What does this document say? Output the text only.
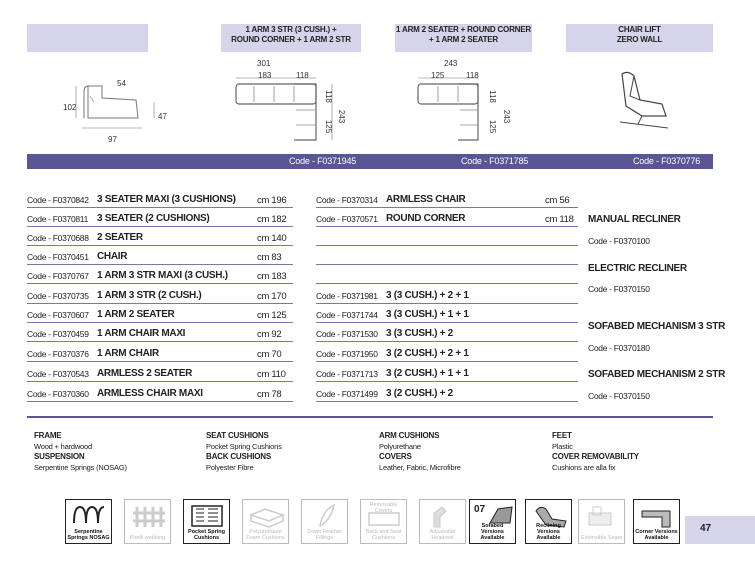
1 ARM 3 STR (3 CUSH.) +
ROUND CORNER + 1 ARM 2 STR
1 ARM 2 SEATER + ROUND CORNER
+ 1 ARM 2 SEATER
CHAIR LIFT
ZERO WALL
54
102
47
97
301
183	118
118
125
243
243
125	118
118
125
243
Code - F0371945	Code - F0371785	Code - F0370776
Code - F0370842 3 SEATER MAXI (3 CUSHIONS) cm 196
Code - F0370811 3 SEATER (2 CUSHIONS)	cm 182
Code - F0370688 2 SEATER	cm 140
Code - F0370451 CHAIR	cm 83
Code - F0370767 1 ARM 3 STR MAXI (3 CUSH.)	cm 183
Code - F0370735 1 ARM 3 STR (2 CUSH.)	cm 170
Code - F0370607 1 ARM 2 SEATER	cm 125
Code - F0370459 1 ARM CHAIR MAXI	cm 92
Code - F0370376 1 ARM CHAIR	cm 70
Code - F0370543 ARMLESS 2 SEATER	cm 110
Code - F0370360 ARMLESS CHAIR MAXI	cm 78
Code - F0370314 ARMLESS CHAIR	cm 56
Code - F0370571 ROUND CORNER	cm 118
Code - F0371981 3 (3 CUSH.) + 2 + 1
Code - F0371744 3 (3 CUSH.) + 1 + 1
Code - F0371530 3 (3 CUSH.) + 2
Code - F0371950 3 (2 CUSH.) + 2 + 1
Code - F0371713 3 (2 CUSH.) + 1 + 1
Code - F0371499 3 (2 CUSH.) + 2
MANUAL RECLINER
Code - F0370100
ELECTRIC RECLINER
Code - F0370150
SOFABED MECHANISM 3 STR
Code - F0370180
SOFABED MECHANISM 2 STR
Code - F0370150
FRAME
Wood + hardwood
SUSPENSION
Serpentine Springs (NOSAG)
SEAT CUSHIONS
Pocket Spring Cushions
BACK CUSHIONS
Polyester Fibre
ARM CUSHIONS
Polyurethane
COVERS
Leather, Fabric, Microfibre
FEET
Plastic
COVER REMOVABILITY
Cushions are alla fix
Serpentine Springs NOSAG	Pirelli webbing
Pocket Spring Cushions
Polyurethane Foam Cushions
Down Feather Fillings
Removable Covers
Back and Seat Cushions
Adjustable Headrest
07
Sofabed Versions Available
Reclining Versions Available	Extensible Seats
Corner Versions Available
47
